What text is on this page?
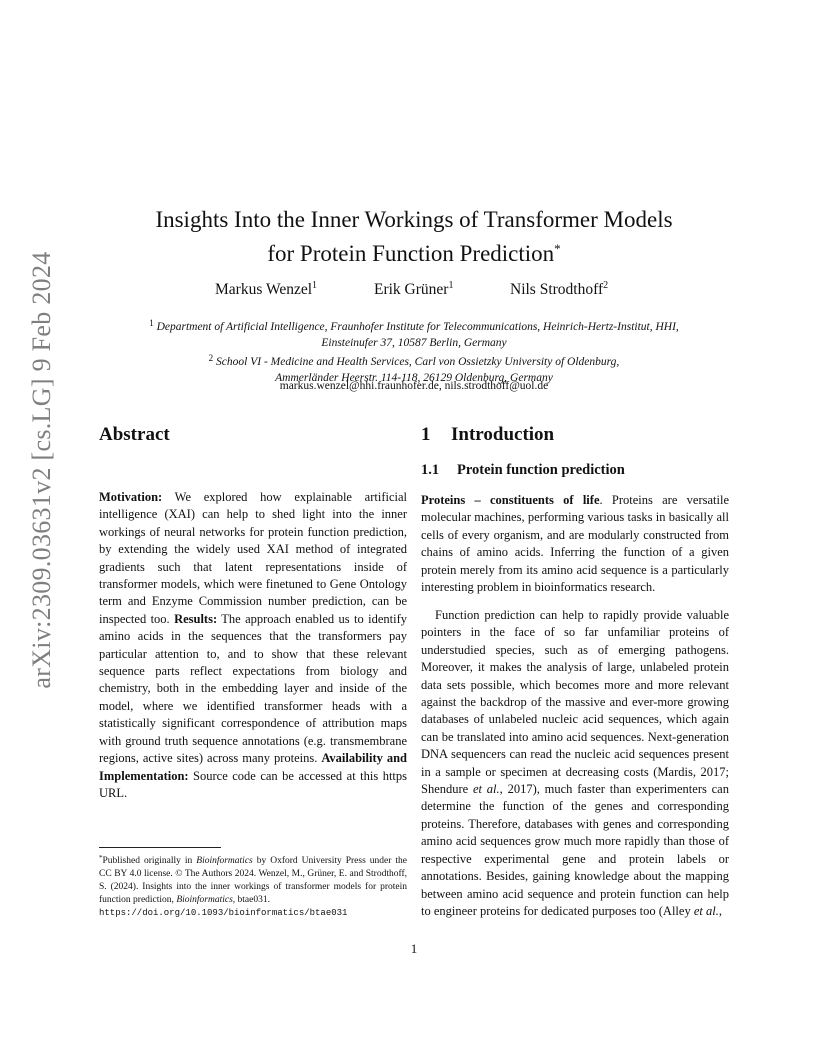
arXiv:2309.03631v2 [cs.LG] 9 Feb 2024
Insights Into the Inner Workings of Transformer Models
for Protein Function Prediction*
Markus Wenzel$^1$	Erik Grüner$^1$	Nils Strodthoff$^2$
$^1$ Department of Artificial Intelligence, Fraunhofer Institute for Telecommunications, Heinrich-Hertz-Institut, HHI,
Einsteinufer 37, 10587 Berlin, Germany
$^2$ School VI - Medicine and Health Services, Carl von Ossietzky University of Oldenburg,
Ammerländer Heerstr. 114-118, 26129 Oldenburg, Germany
markus.wenzel@hhi.fraunhofer.de, nils.strodthoff@uol.de
Abstract

Motivation: We explored how explainable artificial intelligence (XAI) can help to shed light into the inner workings of neural networks for protein function prediction, by extending the widely used XAI method of integrated gradients such that latent representations inside of transformer models, which were finetuned to Gene Ontology term and Enzyme Commission number prediction, can be inspected too. Results: The approach enabled us to identify amino acids in the sequences that the transformers pay particular attention to, and to show that these relevant sequence parts reflect expectations from biology and chemistry, both in the embedding layer and inside of the model, where we identified transformer heads with a statistically significant correspondence of attribution maps with ground truth sequence annotations (e.g. transmembrane regions, active sites) across many proteins. Availability and Implementation: Source code can be accessed at this https URL.

1 Introduction
1.1 Protein function prediction

Proteins – constituents of life. Proteins are versatile molecular machines, performing various tasks in basically all cells of every organism, and are modularly constructed from chains of amino acids. Inferring the function of a given protein merely from its amino acid sequence is a particularly interesting problem in bioinformatics research.

Function prediction can help to rapidly provide valuable pointers in the face of so far unfamiliar proteins of understudied species, such as of emerging pathogens. Moreover, it makes the analysis of large, unlabeled protein data sets possible, which becomes more and more relevant against the backdrop of the massive and ever-more growing databases of unlabeled nucleic acid sequences, which again can be translated into amino acid sequences. Next-generation DNA sequencers can read the nucleic acid sequences present in a sample or specimen at decreasing costs (Mardis, 2017; Shendure et al., 2017), much faster than experimenters can determine the function of the genes and corresponding proteins. Therefore, databases with genes and corresponding amino acid sequences grow much more rapidly than those of respective experimental gene and protein labels or annotations. Besides, gaining knowledge about the mapping between amino acid sequence and protein function can help to engineer proteins for dedicated purposes too (Alley et al.,

*Published originally in Bioinformatics by Oxford University Press under the CC BY 4.0 license. © The Authors 2024. Wenzel, M., Grüner, E. and Strodthoff, S. (2024). Insights into the inner workings of transformer models for protein function prediction, Bioinformatics, btae031.
https://doi.org/10.1093/bioinformatics/btae031

1
